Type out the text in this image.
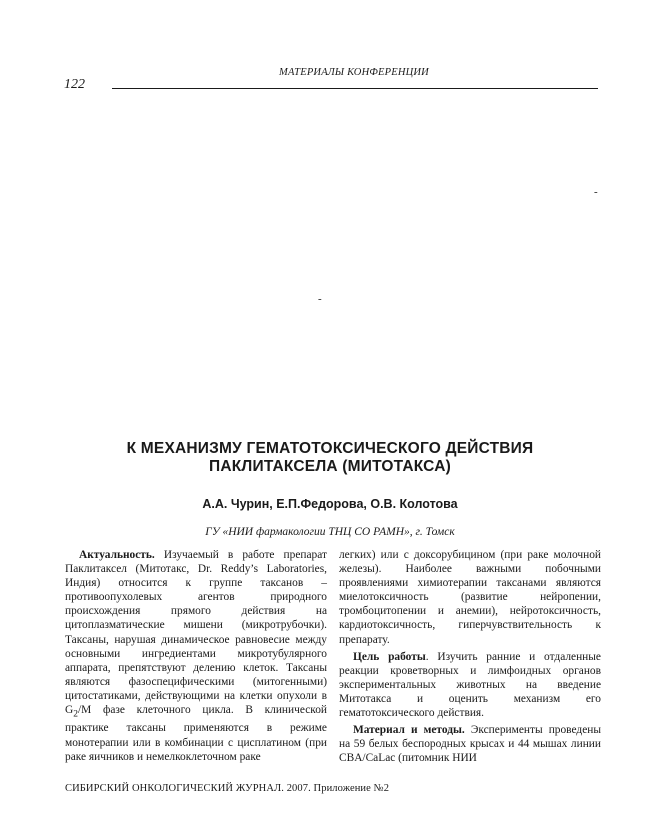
МАТЕРИАЛЫ КОНФЕРЕНЦИИ
122
-
-
К МЕХАНИЗМУ ГЕМАТОТОКСИЧЕСКОГО ДЕЙСТВИЯ
ПАКЛИТАКСЕЛА (МИТОТАКСА)
А.А. Чурин, Е.П.Федорова, О.В. Колотова
ГУ «НИИ фармакологии ТНЦ СО РАМН», г. Томск

Актуальность. Изучаемый в работе препарат Паклитаксел (Митотакс, Dr. Reddy’s Laboratories, Индия) относится к группе таксанов – противоопухолевых агентов природного происхождения прямого действия на цитоплазматические мишени (микротрубочки). Таксаны, нарушая динамическое равновесие между основными ингредиентами микротубулярного аппарата, препятствуют делению клеток. Таксаны являются фазоспецифическими (митогенными) цитостатиками, действующими на клетки опухоли в $G_2/M$ фазе клеточного цикла. В клинической практике таксаны применяются в режиме монотерапии или в комбинации с цисплатином (при раке яичников и немелкоклеточном раке

легких) или с доксорубицином (при раке молочной железы). Наиболее важными побочными проявлениями химиотерапии таксанами являются миелотоксичность (развитие нейропении, тромбоцитопении и анемии), нейротоксичность, кардиотоксичность, гиперчувствительность к препарату.

Цель работы. Изучить ранние и отдаленные реакции кроветворных и лимфоидных органов экспериментальных животных на введение Митотакса и оценить механизм его гематотоксического действия.

Материал и методы. Эксперименты проведены на 59 белых беспородных крысах и 44 мышах линии CBA/CaLac (питомник НИИ

СИБИРСКИЙ ОНКОЛОГИЧЕСКИЙ ЖУРНАЛ. 2007. Приложение №2
